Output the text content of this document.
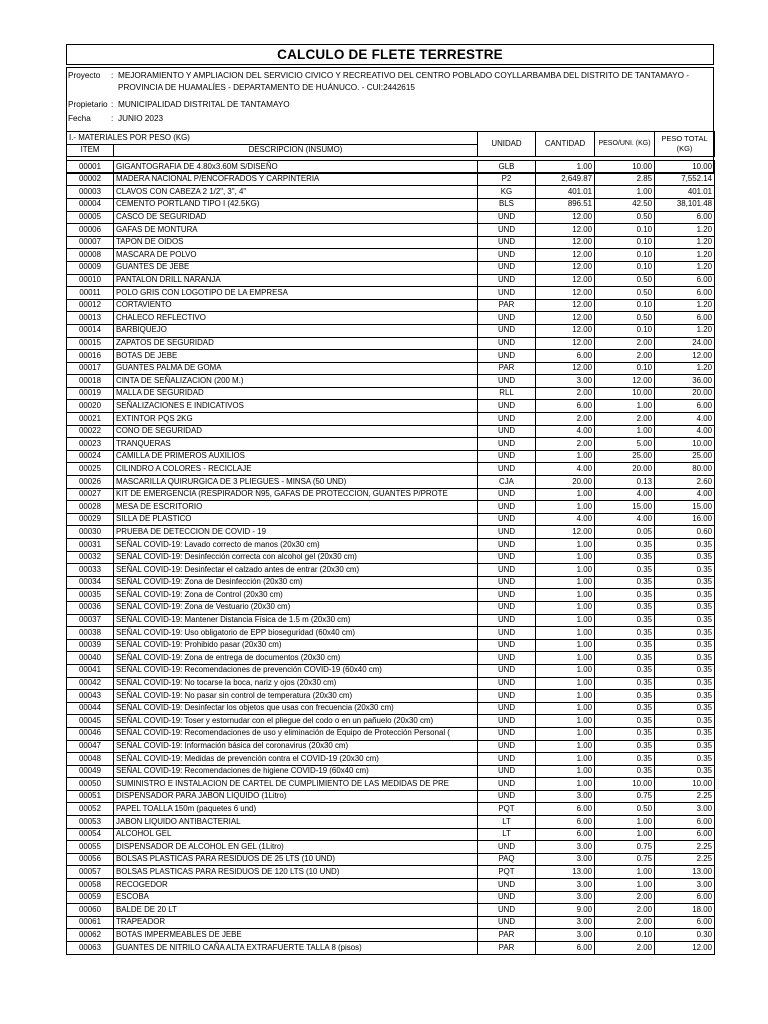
CALCULO DE FLETE TERRESTRE
Proyecto : MEJORAMIENTO Y AMPLIACION DEL SERVICIO CIVICO Y RECREATIVO DEL CENTRO POBLADO COYLLARBAMBA DEL DISTRITO DE TANTAMAYO -
PROVINCIA DE HUAMALÍES - DEPARTAMENTO DE HUÁNUCO. - CUI:2442615
Propietario : MUNICIPALIDAD DISTRITAL DE TANTAMAYO
Fecha : JUNIO 2023
I.- MATERIALES POR PESO (KG)		UNIDAD	CANTIDAD	PESO/UNI. (KG)	PESO TOTAL (KG)
ITEM	DESCRIPCION (INSUMO)				

00001	GIGANTOGRAFIA DE 4.80x3.60M S/DISEÑO	GLB	1.00	10.00	10.00
00002	MADERA NACIONAL P/ENCOFRADOS Y CARPINTERIA	P2	2,649.87	2.85	7,552.14
00003	CLAVOS CON CABEZA 2 1/2", 3", 4"	KG	401.01	1.00	401.01
00004	CEMENTO PORTLAND TIPO I (42.5KG)	BLS	896.51	42.50	38,101.48
00005	CASCO DE SEGURIDAD	UND	12.00	0.50	6.00
00006	GAFAS DE MONTURA	UND	12.00	0.10	1.20
00007	TAPON DE OIDOS	UND	12.00	0.10	1.20
00008	MASCARA DE POLVO	UND	12.00	0.10	1.20
00009	GUANTES DE JEBE	UND	12.00	0.10	1.20
00010	PANTALON DRILL NARANJA	UND	12.00	0.50	6.00
00011	POLO GRIS CON LOGOTIPO DE LA EMPRESA	UND	12.00	0.50	6.00
00012	CORTAVIENTO	PAR	12.00	0.10	1.20
00013	CHALECO REFLECTIVO	UND	12.00	0.50	6.00
00014	BARBIQUEJO	UND	12.00	0.10	1.20
00015	ZAPATOS DE SEGURIDAD	UND	12.00	2.00	24.00
00016	BOTAS DE JEBE	UND	6.00	2.00	12.00
00017	GUANTES PALMA DE GOMA	PAR	12.00	0.10	1.20
00018	CINTA DE SEÑALIZACION (200 M.)	UND	3.00	12.00	36.00
00019	MALLA DE SEGURIDAD	RLL	2.00	10.00	20.00
00020	SEÑALIZACIONES E INDICATIVOS	UND	6.00	1.00	6.00
00021	EXTINTOR PQS 2KG	UND	2.00	2.00	4.00
00022	CONO DE SEGURIDAD	UND	4.00	1.00	4.00
00023	TRANQUERAS	UND	2.00	5.00	10.00
00024	CAMILLA DE PRIMEROS AUXILIOS	UND	1.00	25.00	25.00
00025	CILINDRO A COLORES - RECICLAJE	UND	4.00	20.00	80.00
00026	MASCARILLA QUIRURGICA DE 3 PLIEGUES - MINSA (50 UND)	CJA	20.00	0.13	2.60
00027	KIT DE EMERGENCIA (RESPIRADOR N95, GAFAS DE PROTECCION, GUANTES P/PROTE	UND	1.00	4.00	4.00
00028	MESA DE ESCRITORIO	UND	1.00	15.00	15.00
00029	SILLA DE PLASTICO	UND	4.00	4.00	16.00
00030	PRUEBA DE DETECCION DE COVID - 19	UND	12.00	0.05	0.60
00031	SEÑAL COVID-19: Lavado correcto de manos (20x30 cm)	UND	1.00	0.35	0.35
00032	SEÑAL COVID-19: Desinfección correcta con alcohol gel (20x30 cm)	UND	1.00	0.35	0.35
00033	SEÑAL COVID-19: Desinfectar el calzado antes de entrar (20x30 cm)	UND	1.00	0.35	0.35
00034	SEÑAL COVID-19: Zona de Desinfección (20x30 cm)	UND	1.00	0.35	0.35
00035	SEÑAL COVID-19: Zona de Control (20x30 cm)	UND	1.00	0.35	0.35
00036	SEÑAL COVID-19: Zona de Vestuario (20x30 cm)	UND	1.00	0.35	0.35
00037	SEÑAL COVID-19: Mantener Distancia Física de 1.5 m (20x30 cm)	UND	1.00	0.35	0.35
00038	SEÑAL COVID-19: Uso obligatorio de EPP bioseguridad (60x40 cm)	UND	1.00	0.35	0.35
00039	SEÑAL COVID-19: Prohibido pasar (20x30 cm)	UND	1.00	0.35	0.35
00040	SEÑAL COVID-19: Zona de entrega de documentos (20x30 cm)	UND	1.00	0.35	0.35
00041	SEÑAL COVID-19: Recomendaciones de prevención COVID-19 (60x40 cm)	UND	1.00	0.35	0.35
00042	SEÑAL COVID-19: No tocarse la boca, nariz y ojos (20x30 cm)	UND	1.00	0.35	0.35
00043	SEÑAL COVID-19: No pasar sin control de temperatura (20x30 cm)	UND	1.00	0.35	0.35
00044	SEÑAL COVID-19: Desinfectar los objetos que usas con frecuencia (20x30 cm)	UND	1.00	0.35	0.35
00045	SEÑAL COVID-19: Toser y estornudar con el pliegue del codo o en un pañuelo (20x30 cm)	UND	1.00	0.35	0.35
00046	SEÑAL COVID-19: Recomendaciones de uso y eliminación de Equipo de Protección Personal (	UND	1.00	0.35	0.35
00047	SEÑAL COVID-19: Información básica del coronavirus (20x30 cm)	UND	1.00	0.35	0.35
00048	SEÑAL COVID-19: Medidas de prevención contra el COVID-19 (20x30 cm)	UND	1.00	0.35	0.35
00049	SEÑAL COVID-19: Recomendaciones de higiene COVID-19 (60x40 cm)	UND	1.00	0.35	0.35
00050	SUMINISTRO E INSTALACION DE CARTEL DE CUMPLIMIENTO DE LAS MEDIDAS DE PRE	UND	1.00	10.00	10.00
00051	DISPENSADOR PARA JABON LIQUIDO (1Litro)	UND	3.00	0.75	2.25
00052	PAPEL TOALLA 150m (paquetes 6 und)	PQT	6.00	0.50	3.00
00053	JABON LIQUIDO ANTIBACTERIAL	LT	6.00	1.00	6.00
00054	ALCOHOL GEL	LT	6.00	1.00	6.00
00055	DISPENSADOR DE ALCOHOL EN GEL (1Litro)	UND	3.00	0.75	2.25
00056	BOLSAS PLASTICAS PARA RESIDUOS DE 25 LTS (10 UND)	PAQ	3.00	0.75	2.25
00057	BOLSAS PLASTICAS PARA RESIDUOS DE 120 LTS (10 UND)	PQT	13.00	1.00	13.00
00058	RECOGEDOR	UND	3.00	1.00	3.00
00059	ESCOBA	UND	3.00	2.00	6.00
00060	BALDE DE 20 LT	UND	9.00	2.00	18.00
00061	TRAPEADOR	UND	3.00	2.00	6.00
00062	BOTAS IMPERMEABLES DE JEBE	PAR	3.00	0.10	0.30
00063	GUANTES DE NITRILO CAÑA ALTA EXTRAFUERTE TALLA 8 (pisos)	PAR	6.00	2.00	12.00
